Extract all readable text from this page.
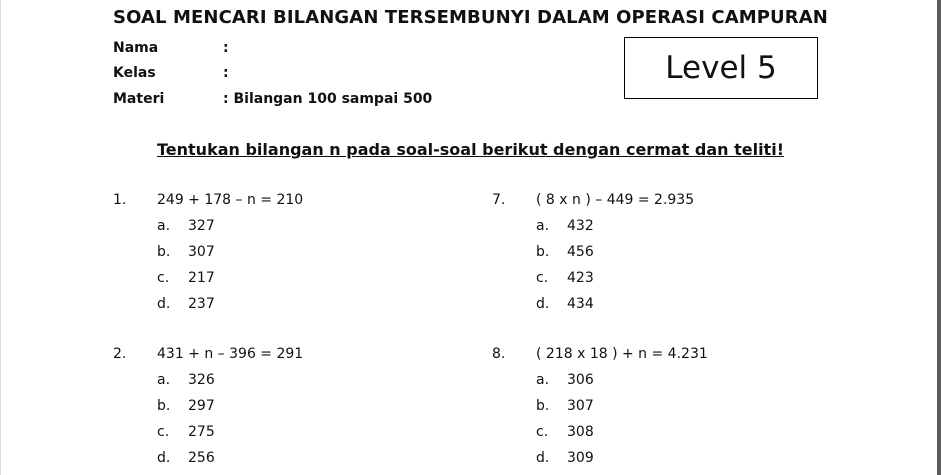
SOAL MENCARI BILANGAN TERSEMBUNYI DALAM OPERASI CAMPURAN
Nama	:
Kelas	:
Materi	: Bilangan 100 sampai 500
Level 5
Tentukan bilangan n pada soal-soal berikut dengan cermat dan teliti!
1. 249 + 178 – n = 210
a. 327
b. 307
c. 217
d. 237
7. ( 8 x n ) – 449 = 2.935
a. 432
b. 456
c. 423
d. 434
2. 431 + n – 396 = 291
a. 326
b. 297
c. 275
d. 256
8. ( 218 x 18 ) + n = 4.231
a. 306
b. 307
c. 308
d. 309
